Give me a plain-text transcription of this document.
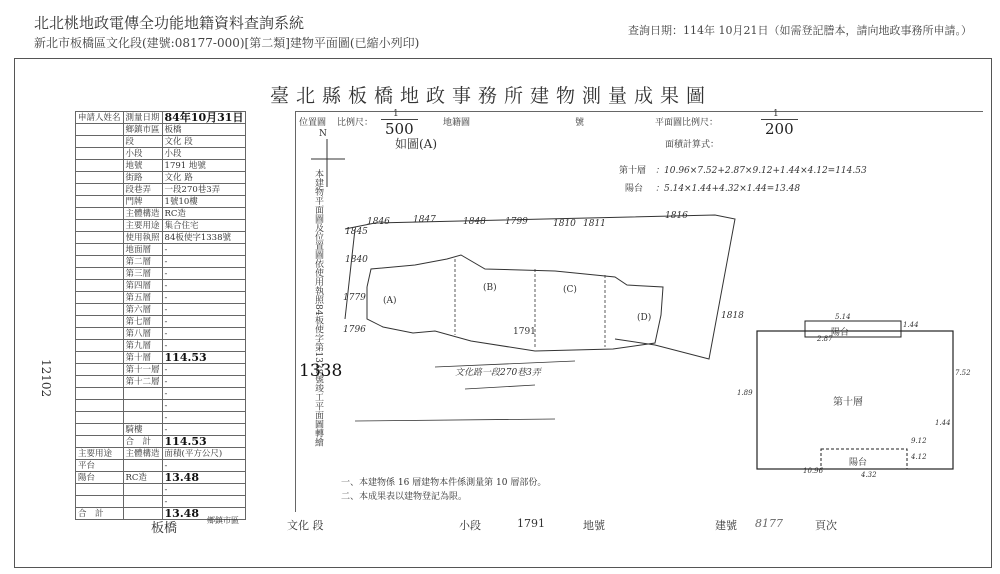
北北桃地政電傳全功能地籍資料查詢系統
新北市板橋區文化段(建號:08177-000)[第二類]建物平面圖(已縮小列印)
查詢日期：114年 10月21日（如需登記謄本，請向地政事務所申請。）
臺北縣板橋地政事務所建物測量成果圖
申請人姓名	測量日期	84年10月31日
	鄉鎮市區	板橋
	段	文化 段
	小段	小段
	地號	1791 地號
	街路	文化 路
	段巷弄	一段270巷3弄
	門牌	1號10樓
	主體構造	RC造
	主要用途	集合住宅
	使用執照	84板使字1338號
	地面層	-
	第二層	-
	第三層	-
	第四層	-
	第五層	-
	第六層	-
	第七層	-
	第八層	-
	第九層	-
	第十層	114.53
	第十一層	-
	第十二層	-
		-
		-
		-
	騎樓	-
	合　計	114.53
主要用途	主體構造	面積(平方公尺)
平台		-
陽台	RC造	13.48
		-
		-
合　計		13.48
12102
位置圖 比例尺：
1
500	地籍圖	號
N
如圖(A)
平面圖比例尺：
1
200
面積計算式：
第十層 ：10.96×7.52+2.87×9.12+1.44×4.12=114.53
陽台 ：5.14×1.44+4.32×1.44=13.48
本建物平面圖及位置圖依使用執照84板使字第1338號竣工平面圖轉繪
1338
(A)
(B)	(C)
(D)
1791
文化路一段270巷3弄
1846	1847	1848 1799	1810 1811
1816
1845
1840
1779
1796
1818
陽台
第十層
陽台
5.14
1.44
7.52
10.96	4.32
4.12
2.87
9.12
1.44
1.89
一、本建物係 16 層建物本件係測量第 10 層部份。
二、本成果表以建物登記為限。
板橋
鄉鎮市區	文化 段	小段	1791	地號	建號 8177	頁次
